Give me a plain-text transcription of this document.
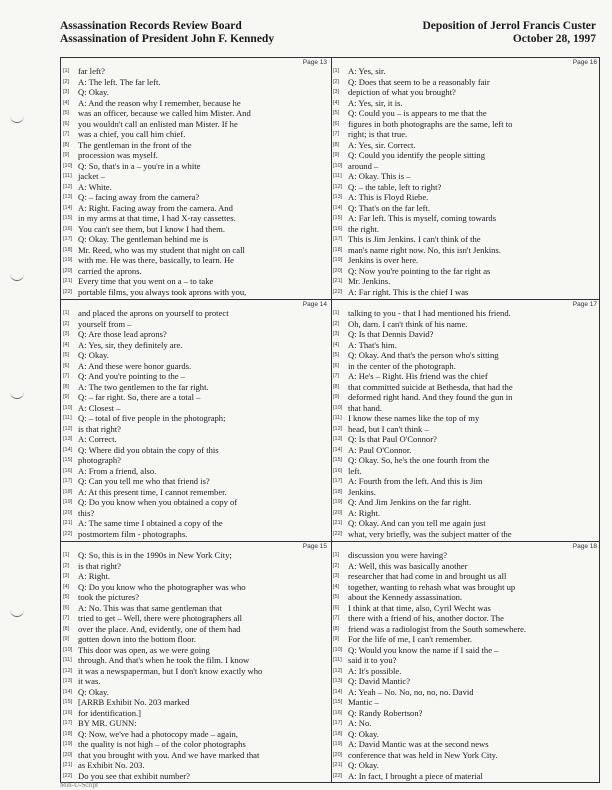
Assassination Records Review Board
Assassination of President John F. Kennedy
Deposition of Jerrol Francis Custer
October 28, 1997
Page 13
[1] far left?
[2] A: The left. The far left.
[3] Q: Okay.
[4] A: And the reason why I remember, because he
[5] was an officer, because we called him Mister. And
[6] you wouldn't call an enlisted man Mister. If he
[7] was a chief, you call him chief.
[8] The gentleman in the front of the
[9] procession was myself.
[10] Q: So, that's in a – you're in a white
[11] jacket –
[12] A: White.
[13] Q: – facing away from the camera?
[14] A: Right. Facing away from the camera. And
[15] in my arms at that time, I had X-ray cassettes.
[16] You can't see them, but I know I had them.
[17] Q: Okay. The gentleman behind me is
[18] Mr. Reed, who was my student that night on call
[19] with me. He was there, basically, to learn. He
[20] carried the aprons.
[21] Every time that you went on a – to take
[22] portable films, you always took aprons with you,
Page 16
[1] A: Yes, sir.
[2] Q: Does that seem to be a reasonably fair
[3] depiction of what you brought?
[4] A: Yes, sir, it is.
[5] Q: Could you – is appears to me that the
[6] figures in both photographs are the same, left to
[7] right; is that true.
[8] A: Yes, sir. Correct.
[9] Q: Could you identify the people sitting
[10] around –
[11] A: Okay. This is –
[12] Q: – the table, left to right?
[13] A: This is Floyd Riebe.
[14] Q: That's on the far left.
[15] A: Far left. This is myself, coming towards
[16] the right.
[17] This is Jim Jenkins. I can't think of the
[18] man's name right now. No, this isn't Jenkins.
[19] Jenkins is over here.
[20] Q: Now you're pointing to the far right as
[21] Mr. Jenkins.
[22] A: Far right. This is the chief I was
Page 14
[1] and placed the aprons on yourself to protect
[2] yourself from –
[3] Q: Are those lead aprons?
[4] A: Yes, sir, they definitely are.
[5] Q: Okay.
[6] A: And these were honor guards.
[7] Q: And you're pointing to the –
[8] A: The two gentlemen to the far right.
[9] Q: – far right. So, there are a total –
[10] A: Closest –
[11] Q: – total of five people in the photograph;
[12] is that right?
[13] A: Correct.
[14] Q: Where did you obtain the copy of this
[15] photograph?
[16] A: From a friend, also.
[17] Q: Can you tell me who that friend is?
[18] A: At this present time, I cannot remember.
[19] Q: Do you know when you obtained a copy of
[20] this?
[21] A: The same time I obtained a copy of the
[22] postmortem film - photographs.
Page 17
[1] talking to you - that I had mentioned his friend.
[2] Oh, darn. I can't think of his name.
[3] Q: Is that Dennis David?
[4] A: That's him.
[5] Q: Okay. And that's the person who's sitting
[6] in the center of the photograph.
[7] A: He's – Right. His friend was the chief
[8] that committed suicide at Bethesda, that had the
[9] deformed right hand. And they found the gun in
[10] that hand.
[11] I know these names like the top of my
[12] head, but I can't think –
[13] Q: Is that Paul O'Connor?
[14] A: Paul O'Connor.
[15] Q: Okay. So, he's the one fourth from the
[16] left.
[17] A: Fourth from the left. And this is Jim
[18] Jenkins.
[19] Q: And Jim Jenkins on the far right.
[20] A: Right.
[21] Q: Okay. And can you tell me again just
[22] what, very briefly, was the subject matter of the
Page 15
[1] Q: So, this is in the 1990s in New York City;
[2] is that right?
[3] A: Right.
[4] Q: Do you know who the photographer was who
[5] took the pictures?
[6] A: No. This was that same gentleman that
[7] tried to get – Well, there were photographers all
[8] over the place. And, evidently, one of them had
[9] gotten down into the bottom floor.
[10] This door was open, as we were going
[11] through. And that's when he took the film. I know
[12] it was a newspaperman, but I don't know exactly who
[13] it was.
[14] Q: Okay.
[15] [ARRB Exhibit No. 203 marked
[16] for identification.]
[17] BY MR. GUNN:
[18] Q: Now, we've had a photocopy made – again,
[19] the quality is not high – of the color photographs
[20] that you brought with you. And we have marked that
[21] as Exhibit No. 203.
[22] Do you see that exhibit number?
Page 18
[1] discussion you were having?
[2] A: Well, this was basically another
[3] researcher that had come in and brought us all
[4] together, wanting to rehash what was brought up
[5] about the Kennedy assassination.
[6] I think at that time, also, Cyril Wecht was
[7] there with a friend of his, another doctor. The
[8] friend was a radiologist from the South somewhere.
[9] For the life of me, I can't remember.
[10] Q: Would you know the name if I said the –
[11] said it to you?
[12] A: It's possible.
[13] Q: David Mantic?
[14] A: Yeah – No. No, no, no, no. David
[15] Mantic –
[16] Q: Randy Robertson?
[17] A: No.
[18] Q: Okay.
[19] A: David Mantic was at the second news
[20] conference that was held in New York City.
[21] Q: Okay.
[22] A: In fact, I brought a piece of material
Min-U-Script
